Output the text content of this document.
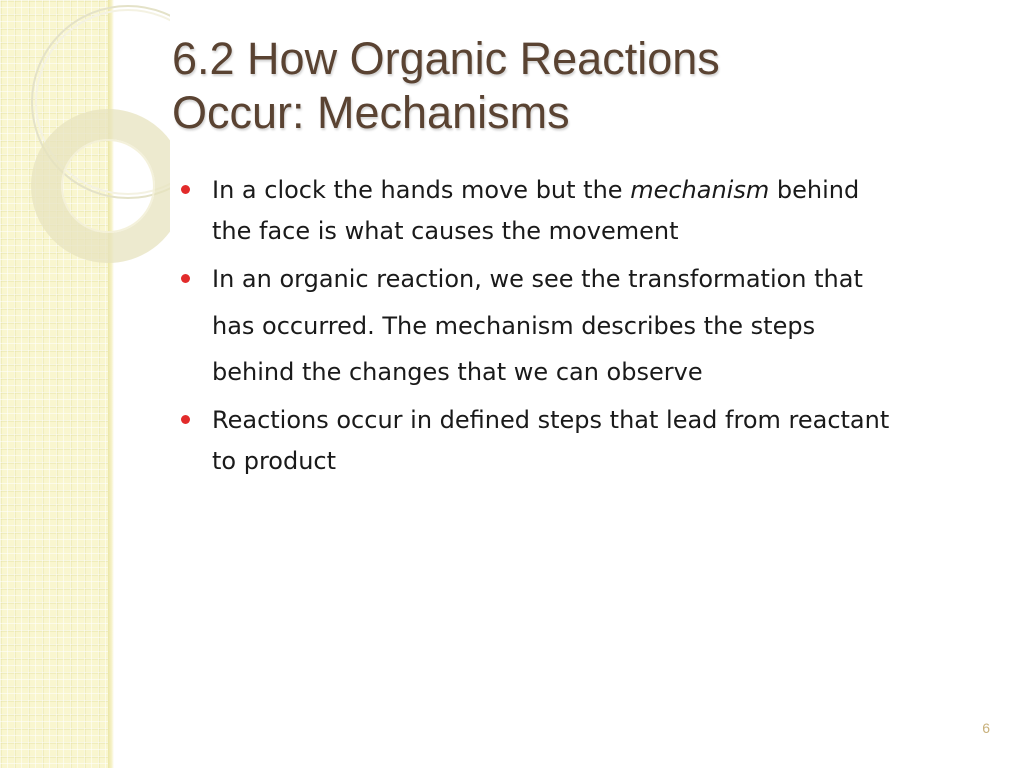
6.2 How Organic Reactions
Occur: Mechanisms
In a clock the hands move but the mechanism behind
the face is what causes the movement
In an organic reaction, we see the transformation that
has occurred. The mechanism describes the steps
behind the changes that we can observe
Reactions occur in defined steps that lead from reactant
to product
6
